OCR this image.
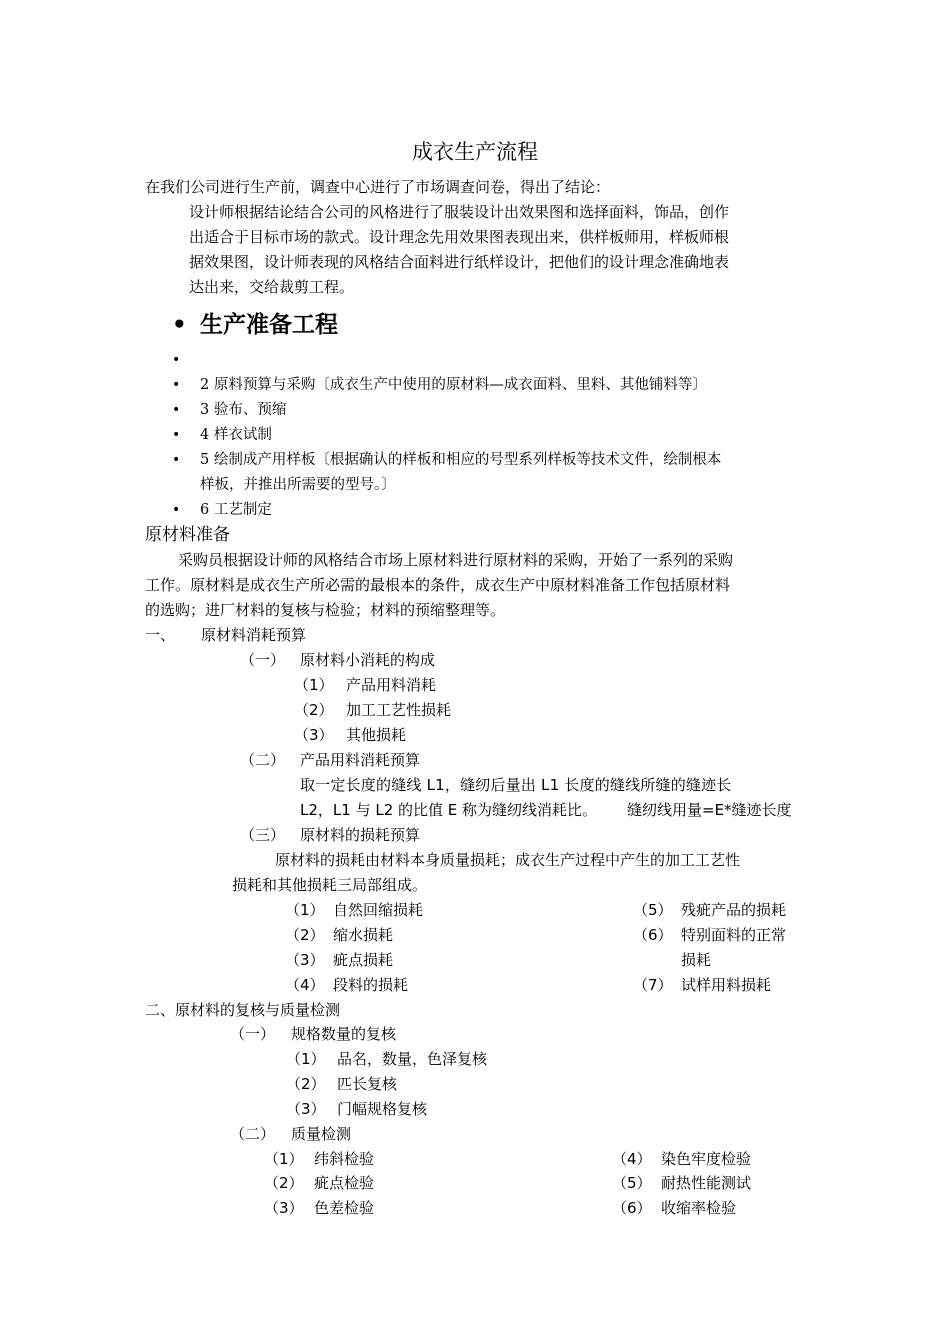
成衣生产流程
在我们公司进行生产前，调查中心进行了市场调查问卷，得出了结论：
设计师根据结论结合公司的风格进行了服装设计出效果图和选择面料，饰品，创作
出适合于目标市场的款式。设计理念先用效果图表现出来，供样板师用，样板师根
据效果图，设计师表现的风格结合面料进行纸样设计，把他们的设计理念准确地表
达出来，交给裁剪工程。
• 生产准备工程
•
• 2 原料预算与采购〔成衣生产中使用的原材料—成衣面料、里料、其他铺料等〕
• 3 验布、预缩
• 4 样衣试制
• 5 绘制成产用样板〔根据确认的样板和相应的号型系列样板等技术文件，绘制根本
样板，并推出所需要的型号。〕
• 6 工艺制定
原材料准备
采购员根据设计师的风格结合市场上原材料进行原材料的采购，开始了一系列的采购
工作。原材料是成衣生产所必需的最根本的条件，成衣生产中原材料准备工作包括原材料
的选购；进厂材料的复核与检验；材料的预缩整理等。
一、 原材料消耗预算
（一） 原材料小消耗的构成
（1） 产品用料消耗
（2） 加工工艺性损耗
（3） 其他损耗
（二） 产品用料消耗预算
取一定长度的缝线 L1，缝纫后量出 L1 长度的缝线所缝的缝迹长
L2，L1 与 L2 的比值 E 称为缝纫线消耗比。 缝纫线用量=E*缝迹长度
（三） 原材料的损耗预算
原材料的损耗由材料本身质量损耗；成衣生产过程中产生的加工工艺性
损耗和其他损耗三局部组成。
（1） 自然回缩损耗
（2） 缩水损耗
（3） 疵点损耗
（4） 段料的损耗
（5） 残疵产品的损耗
（6） 特别面料的正常
损耗
（7） 试样用料损耗
二、原材料的复核与质量检测
（一） 规格数量的复核
（1） 品名，数量，色泽复核
（2） 匹长复核
（3） 门幅规格复核
（二） 质量检测
（1） 纬斜检验
（2） 疵点检验
（3） 色差检验
（4） 染色牢度检验
（5） 耐热性能测试
（6） 收缩率检验
